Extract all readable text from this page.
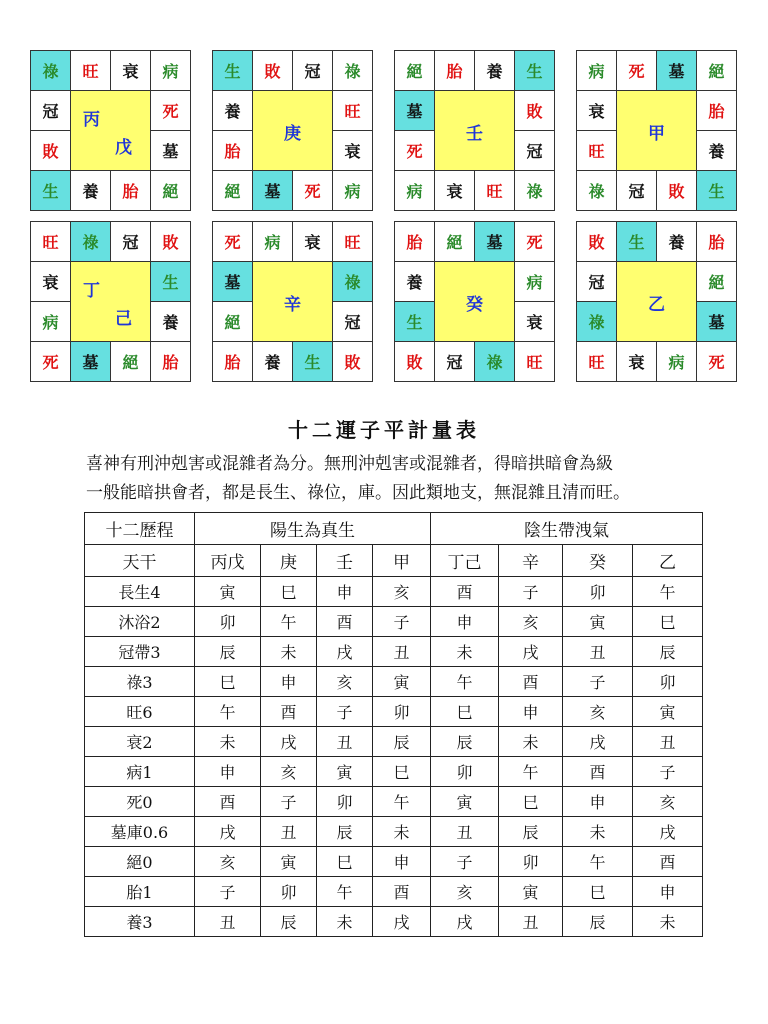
祿	旺	衰	病
冠	死
敗	墓
生	養	胎	絕
丙
戊
生	敗	冠	祿
養	旺
胎	衰
絕	墓	死	病
庚
絕	胎	養	生
墓	敗
死	冠
病	衰	旺	祿
壬
病	死	墓	絕
衰	胎
旺	養
祿	冠	敗	生
甲
旺	祿	冠	敗
衰	生
病	養
死	墓	絕	胎
丁
己
死	病	衰	旺
墓	祿
絕	冠
胎	養	生	敗
辛
胎	絕	墓	死
養	病
生	衰
敗	冠	祿	旺
癸
敗	生	養	胎
冠	絕
祿	墓
旺	衰	病	死
乙
十二運子平計量表
喜神有刑沖剋害或混雜者為分。無刑沖剋害或混雜者，得暗拱暗會為級
一般能暗拱會者，都是長生、祿位，庫。因此類地支，無混雜且清而旺。
十二歷程	陽生為真生				陰生帶洩氣			
天干	丙戊	庚	壬	甲	丁己	辛	癸	乙
長生4	寅	巳	申	亥	酉	子	卯	午
沐浴2	卯	午	酉	子	申	亥	寅	巳
冠帶3	辰	未	戌	丑	未	戌	丑	辰
祿3	巳	申	亥	寅	午	酉	子	卯
旺6	午	酉	子	卯	巳	申	亥	寅
衰2	未	戌	丑	辰	辰	未	戌	丑
病1	申	亥	寅	巳	卯	午	酉	子
死0	酉	子	卯	午	寅	巳	申	亥
墓庫0.6	戌	丑	辰	未	丑	辰	未	戌
絕0	亥	寅	巳	申	子	卯	午	酉
胎1	子	卯	午	酉	亥	寅	巳	申
養3	丑	辰	未	戌	戌	丑	辰	未
